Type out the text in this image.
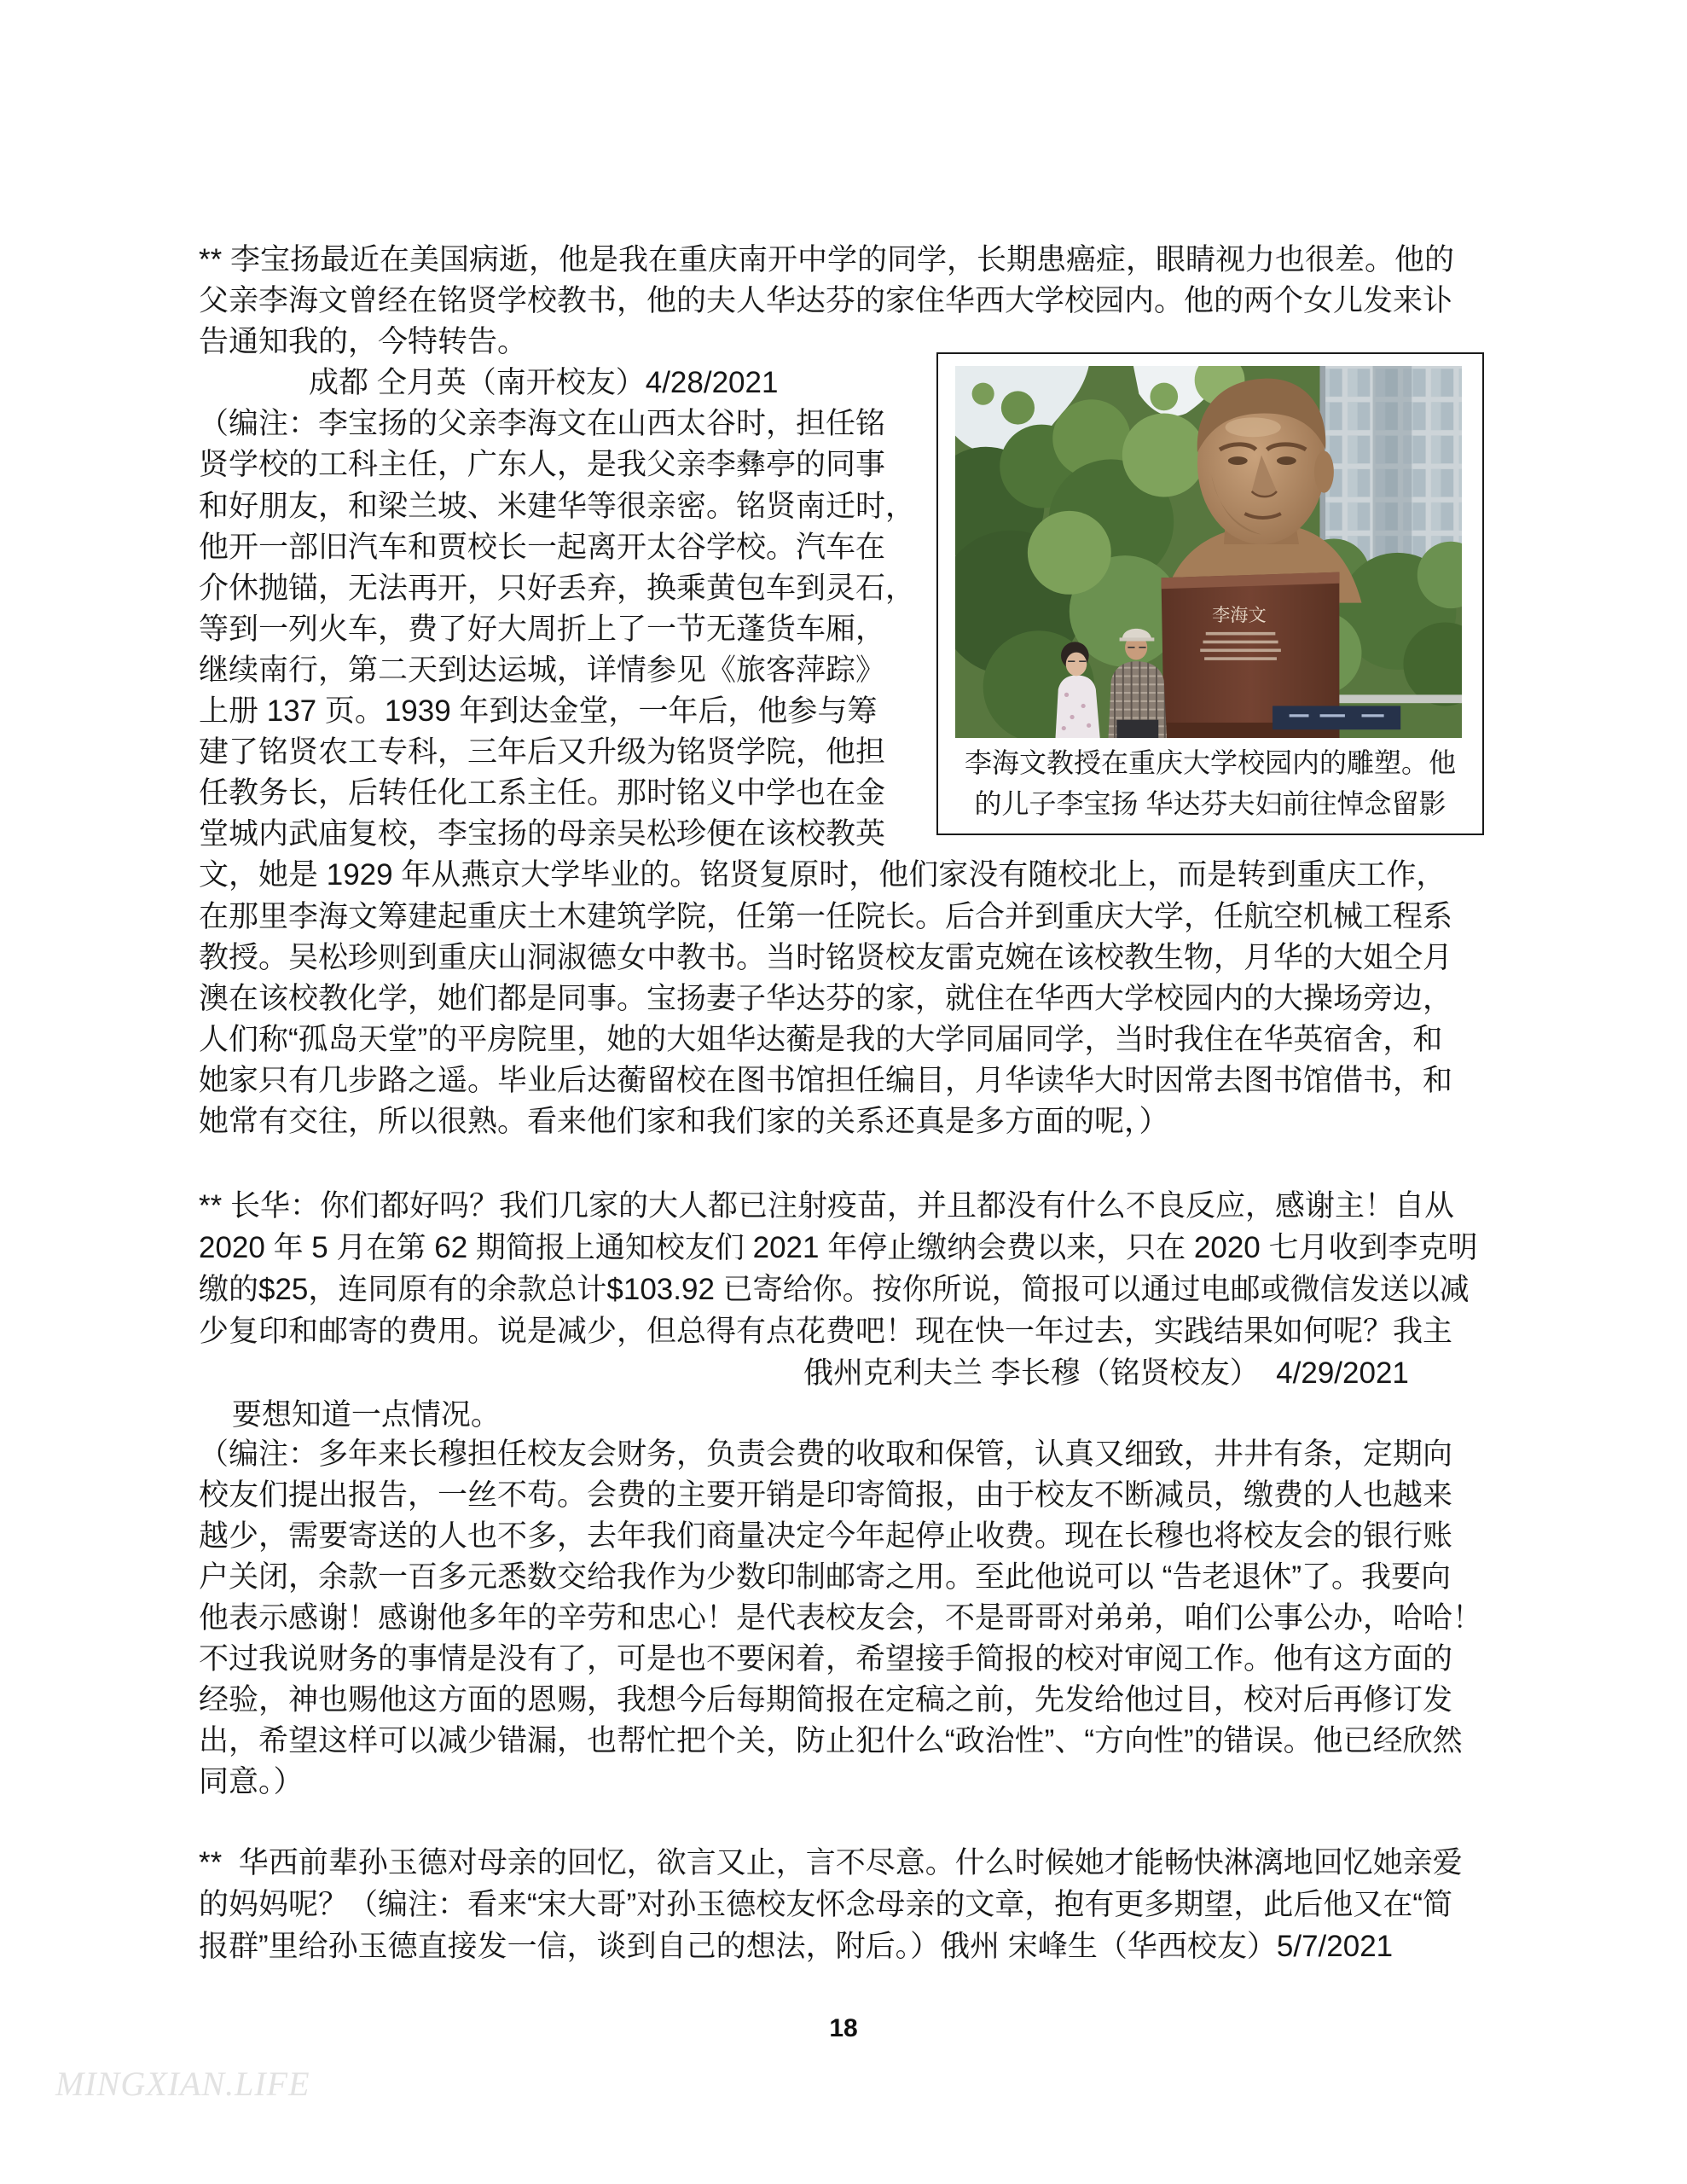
** 李宝扬最近在美国病逝，他是我在重庆南开中学的同学，长期患癌症，眼睛视力也很差。他的
父亲李海文曾经在铭贤学校教书，他的夫人华达芬的家住华西大学校园内。他的两个女儿发来讣
告通知我的，今特转告。
成都 仝月英（南开校友）4/28/2021
（编注：李宝扬的父亲李海文在山西太谷时，担任铭
贤学校的工科主任，广东人，是我父亲李彝亭的同事
和好朋友，和梁兰坡、米建华等很亲密。铭贤南迁时，
他开一部旧汽车和贾校长一起离开太谷学校。汽车在
介休抛锚，无法再开，只好丢弃，换乘黄包车到灵石，
等到一列火车，费了好大周折上了一节无蓬货车厢，
继续南行，第二天到达运城，详情参见《旅客萍踪》
上册 137 页。1939 年到达金堂，一年后，他参与筹
建了铭贤农工专科，三年后又升级为铭贤学院，他担
任教务长，后转任化工系主任。那时铭义中学也在金
堂城内武庙复校，李宝扬的母亲吴松珍便在该校教英
文，她是 1929 年从燕京大学毕业的。铭贤复原时，他们家没有随校北上，而是转到重庆工作，
在那里李海文筹建起重庆土木建筑学院，任第一任院长。后合并到重庆大学，任航空机械工程系
教授。吴松珍则到重庆山洞淑德女中教书。当时铭贤校友雷克婉在该校教生物，月华的大姐仝月
澳在该校教化学，她们都是同事。宝扬妻子华达芬的家，就住在华西大学校园内的大操场旁边，
人们称“孤岛天堂”的平房院里，她的大姐华达蘅是我的大学同届同学，当时我住在华英宿舍，和
她家只有几步路之遥。毕业后达蘅留校在图书馆担任编目，月华读华大时因常去图书馆借书，和
她常有交往，所以很熟。看来他们家和我们家的关系还真是多方面的呢，）
李海文
李海文教授在重庆大学校园内的雕塑。他
的儿子李宝扬 华达芬夫妇前往悼念留影
** 长华：你们都好吗？我们几家的大人都已注射疫苗，并且都没有什么不良反应，感谢主！自从
2020 年 5 月在第 62 期简报上通知校友们 2021 年停止缴纳会费以来，只在 2020 七月收到李克明
缴的$25，连同原有的余款总计$103.92 已寄给你。按你所说，简报可以通过电邮或微信发送以减
少复印和邮寄的费用。说是减少，但总得有点花费吧！现在快一年过去，实践结果如何呢？我主

要想知道一点情况。

俄州克利夫兰 李长穆（铭贤校友）  4/29/2021

（编注：多年来长穆担任校友会财务，负责会费的收取和保管，认真又细致，井井有条，定期向
校友们提出报告，一丝不苟。会费的主要开销是印寄简报，由于校友不断减员，缴费的人也越来
越少，需要寄送的人也不多，去年我们商量决定今年起停止收费。现在长穆也将校友会的银行账
户关闭，余款一百多元悉数交给我作为少数印制邮寄之用。至此他说可以 “告老退休”了。我要向
他表示感谢！感谢他多年的辛劳和忠心！是代表校友会，不是哥哥对弟弟，咱们公事公办，哈哈！
不过我说财务的事情是没有了，可是也不要闲着，希望接手简报的校对审阅工作。他有这方面的
经验，神也赐他这方面的恩赐，我想今后每期简报在定稿之前，先发给他过目，校对后再修订发
出，希望这样可以减少错漏，也帮忙把个关，防止犯什么“政治性”、“方向性”的错误。他已经欣然
同意。）
**  华西前辈孙玉德对母亲的回忆，欲言又止，言不尽意。什么时候她才能畅快淋漓地回忆她亲爱
的妈妈呢？（编注：看来“宋大哥”对孙玉德校友怀念母亲的文章，抱有更多期望，此后他又在“简
报群”里给孙玉德直接发一信，谈到自己的想法，附后。）俄州 宋峰生（华西校友）5/7/2021
18
MINGXIAN.LIFE
